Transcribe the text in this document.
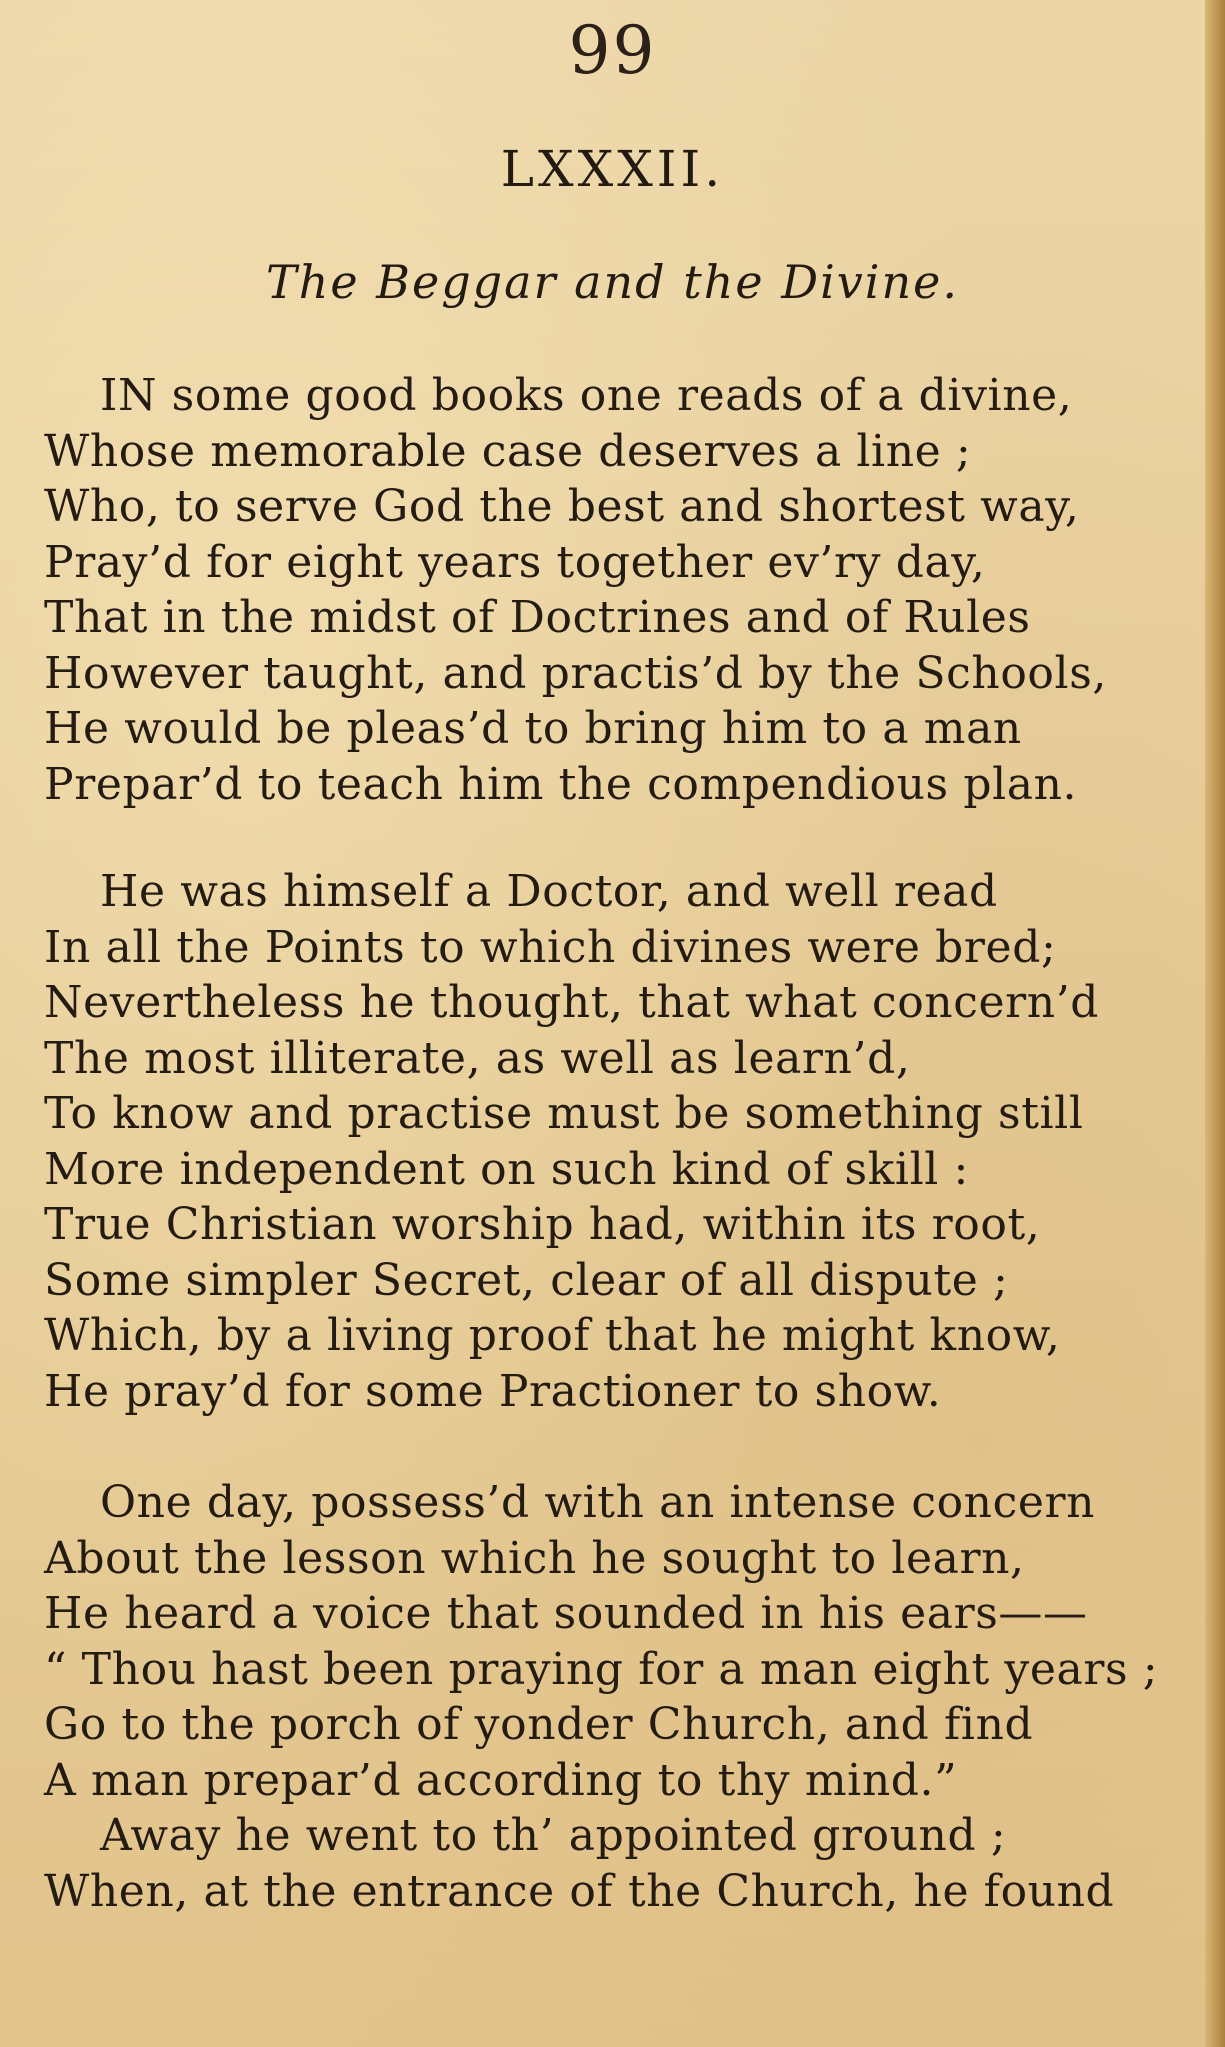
99
LXXXII.
The Beggar and the Divine.
IN some good books one reads of a divine,
Whose memorable case deserves a line ;
Who, to serve God the best and shortest way,
Pray’d for eight years together ev’ry day,
That in the midst of Doctrines and of Rules
However taught, and practis’d by the Schools,
He would be pleas’d to bring him to a man
Prepar’d to teach him the compendious plan.
He was himself a Doctor, and well read
In all the Points to which divines were bred;
Nevertheless he thought, that what concern’d
The most illiterate, as well as learn’d,
To know and practise must be something still
More independent on such kind of skill :
True Christian worship had, within its root,
Some simpler Secret, clear of all dispute ;
Which, by a living proof that he might know,
He pray’d for some Practioner to show.
One day, possess’d with an intense concern
About the lesson which he sought to learn,
He heard a voice that sounded in his ears——
“ Thou hast been praying for a man eight years ;
Go to the porch of yonder Church, and find
A man prepar’d according to thy mind.”
Away he went to th’ appointed ground ;
When, at the entrance of the Church, he found
